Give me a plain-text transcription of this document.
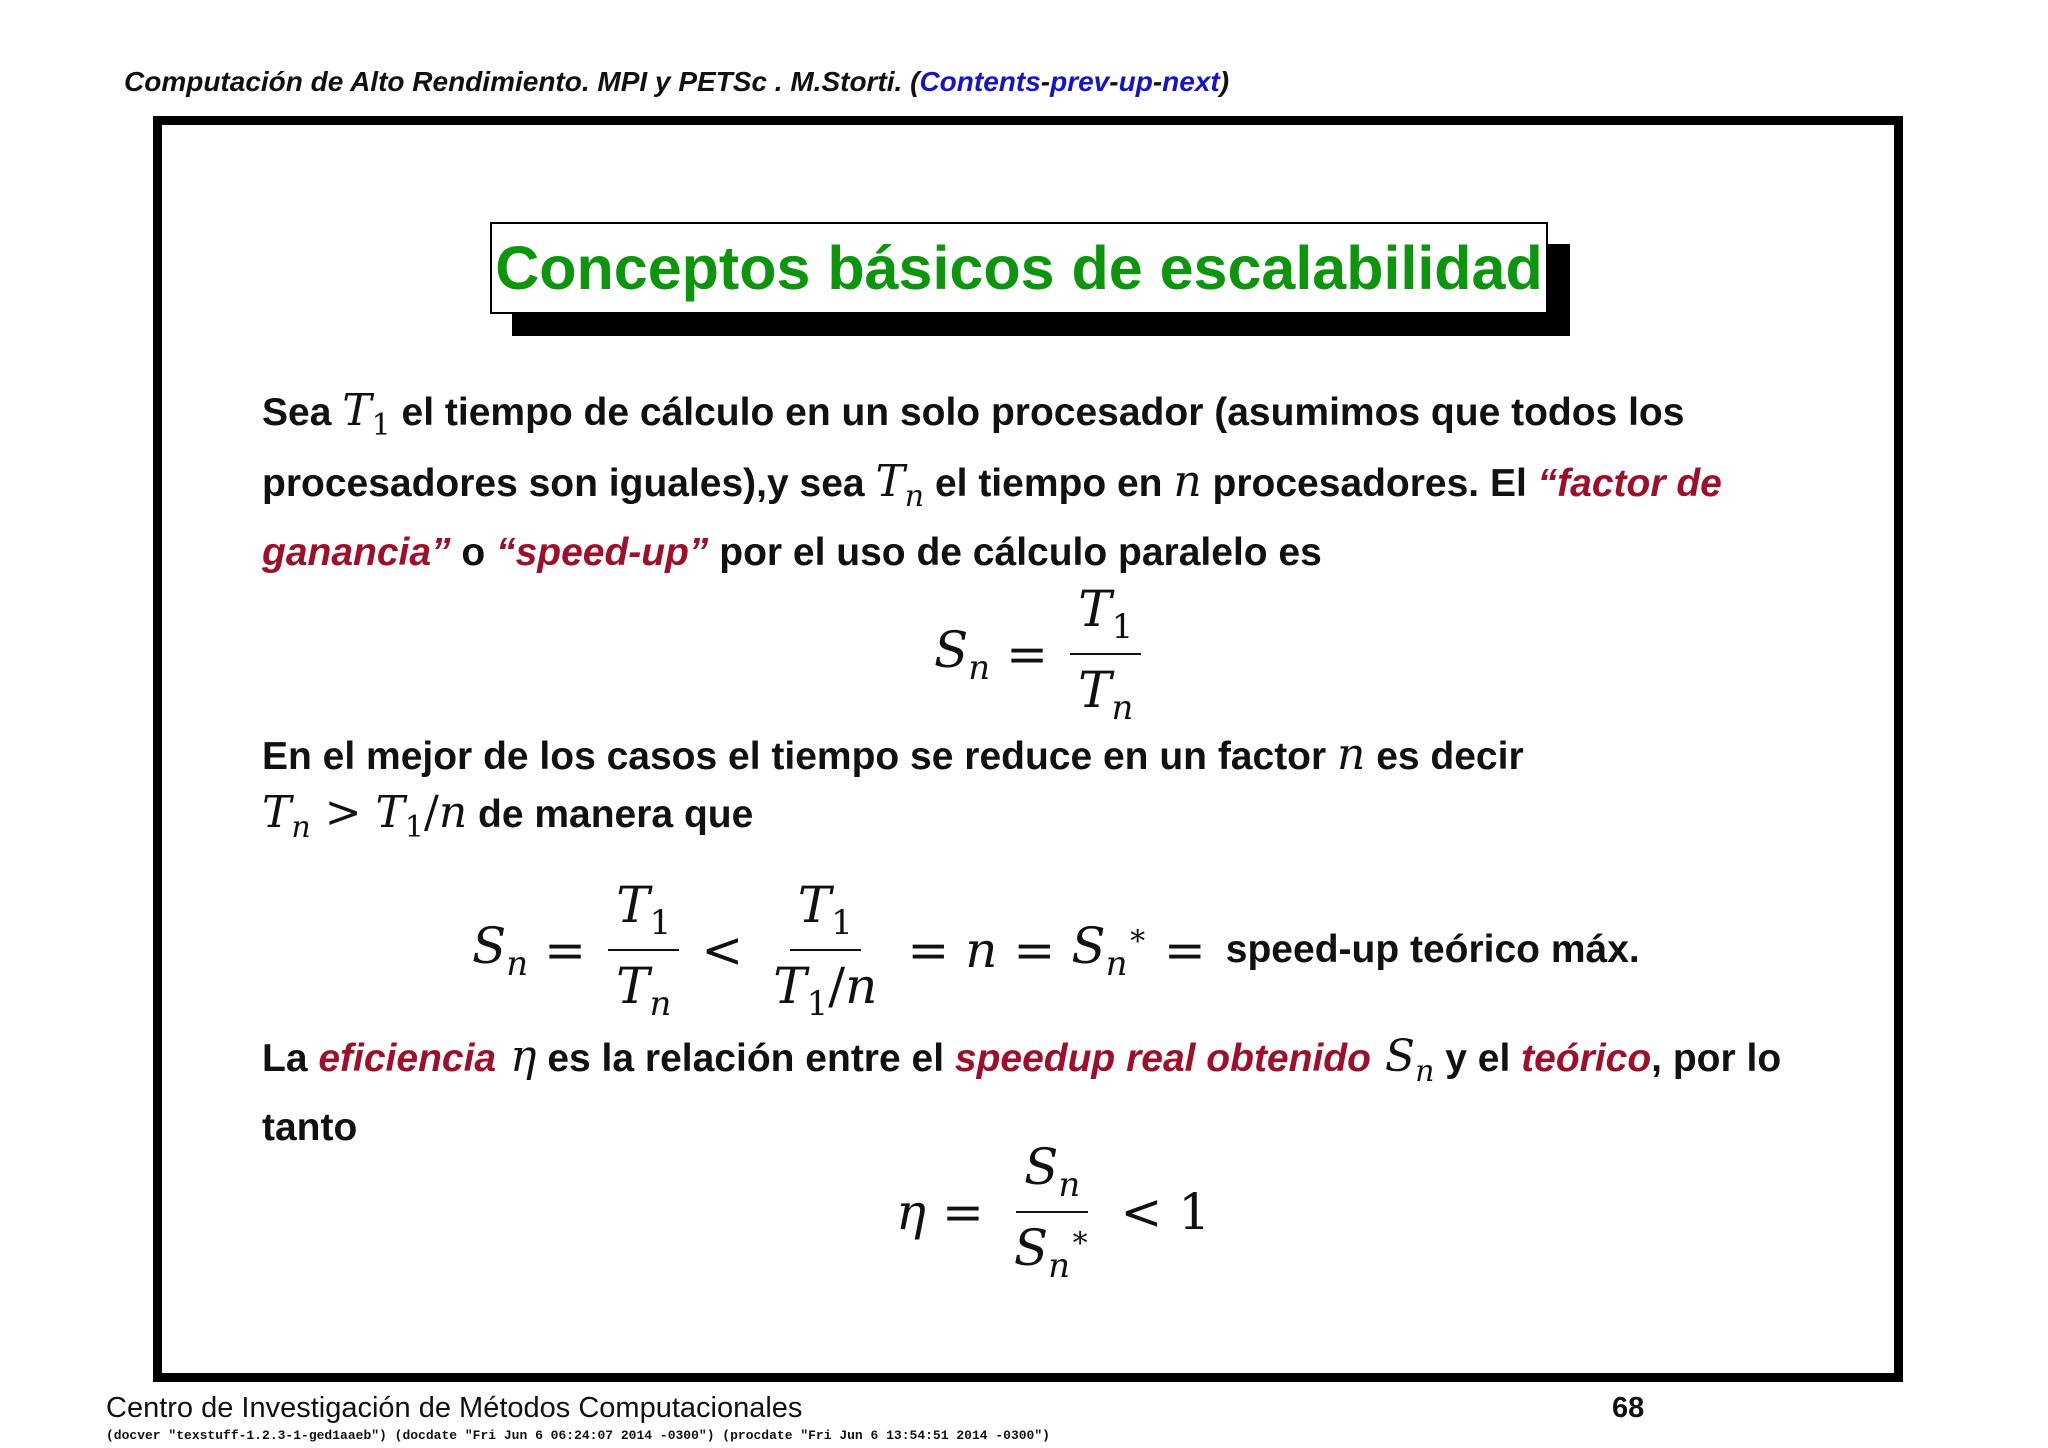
Computación de Alto Rendimiento. MPI y PETSc . M.Storti. (Contents-prev-up-next)
Conceptos básicos de escalabilidad
Sea $T_1$ el tiempo de cálculo en un solo procesador (asumimos que todos los procesadores son iguales),y sea $T_n$ el tiempo en n procesadores. El “factor de ganancia” o “speed-up” por el uso de cálculo paralelo es
$S_n = \frac{T_1}{T_n}$
En el mejor de los casos el tiempo se reduce en un factor n es decir
$T_n > T_1/n$ de manera que
$S_n = \frac{T_1}{T_n} < \frac{T_1}{T_1/n} = n = S_n^∗$ = speed-up teórico máx.
La eficiencia η es la relación entre el speedup real obtenido $S_n$ y el teórico, por lo tanto
$\eta = \frac{S_n}{S_n^∗} < 1$
Centro de Investigación de Métodos Computacionales	68
(docver "texstuff-1.2.3-1-ged1aaeb") (docdate "Fri Jun 6 06:24:07 2014 -0300") (procdate "Fri Jun 6 13:54:51 2014 -0300")
